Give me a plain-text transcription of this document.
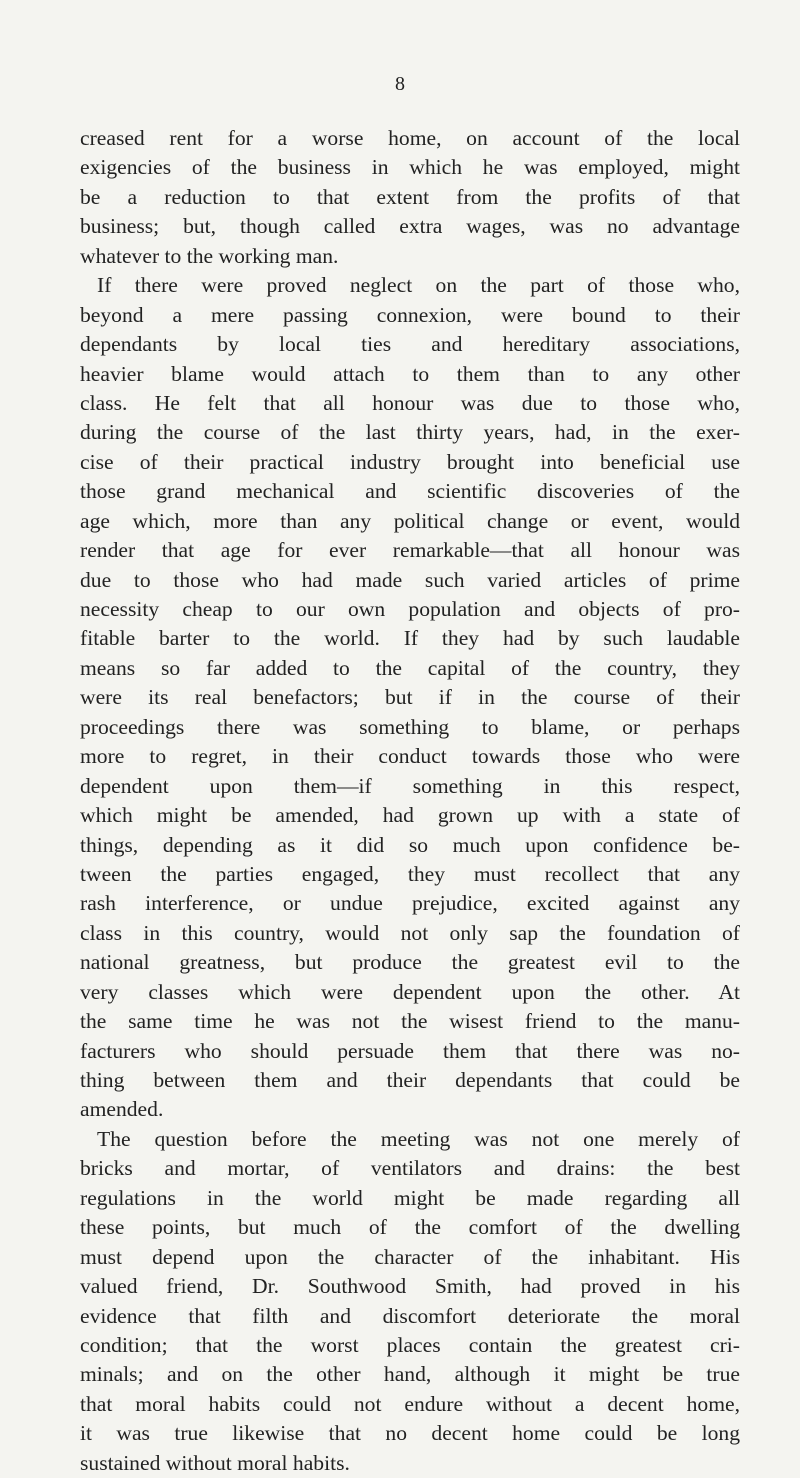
8
creased rent for a worse home, on account of the local
exigencies of the business in which he was employed, might
be a reduction to that extent from the profits of that
business; but, though called extra wages, was no advantage
whatever to the working man.
If there were proved neglect on the part of those who,
beyond a mere passing connexion, were bound to their
dependants by local ties and hereditary associations,
heavier blame would attach to them than to any other
class. He felt that all honour was due to those who,
during the course of the last thirty years, had, in the exer-
cise of their practical industry brought into beneficial use
those grand mechanical and scientific discoveries of the
age which, more than any political change or event, would
render that age for ever remarkable—that all honour was
due to those who had made such varied articles of prime
necessity cheap to our own population and objects of pro-
fitable barter to the world. If they had by such laudable
means so far added to the capital of the country, they
were its real benefactors; but if in the course of their
proceedings there was something to blame, or perhaps
more to regret, in their conduct towards those who were
dependent upon them—if something in this respect,
which might be amended, had grown up with a state of
things, depending as it did so much upon confidence be-
tween the parties engaged, they must recollect that any
rash interference, or undue prejudice, excited against any
class in this country, would not only sap the foundation of
national greatness, but produce the greatest evil to the
very classes which were dependent upon the other. At
the same time he was not the wisest friend to the manu-
facturers who should persuade them that there was no-
thing between them and their dependants that could be
amended.
The question before the meeting was not one merely of
bricks and mortar, of ventilators and drains: the best
regulations in the world might be made regarding all
these points, but much of the comfort of the dwelling
must depend upon the character of the inhabitant. His
valued friend, Dr. Southwood Smith, had proved in his
evidence that filth and discomfort deteriorate the moral
condition; that the worst places contain the greatest cri-
minals; and on the other hand, although it might be true
that moral habits could not endure without a decent home,
it was true likewise that no decent home could be long
sustained without moral habits.
